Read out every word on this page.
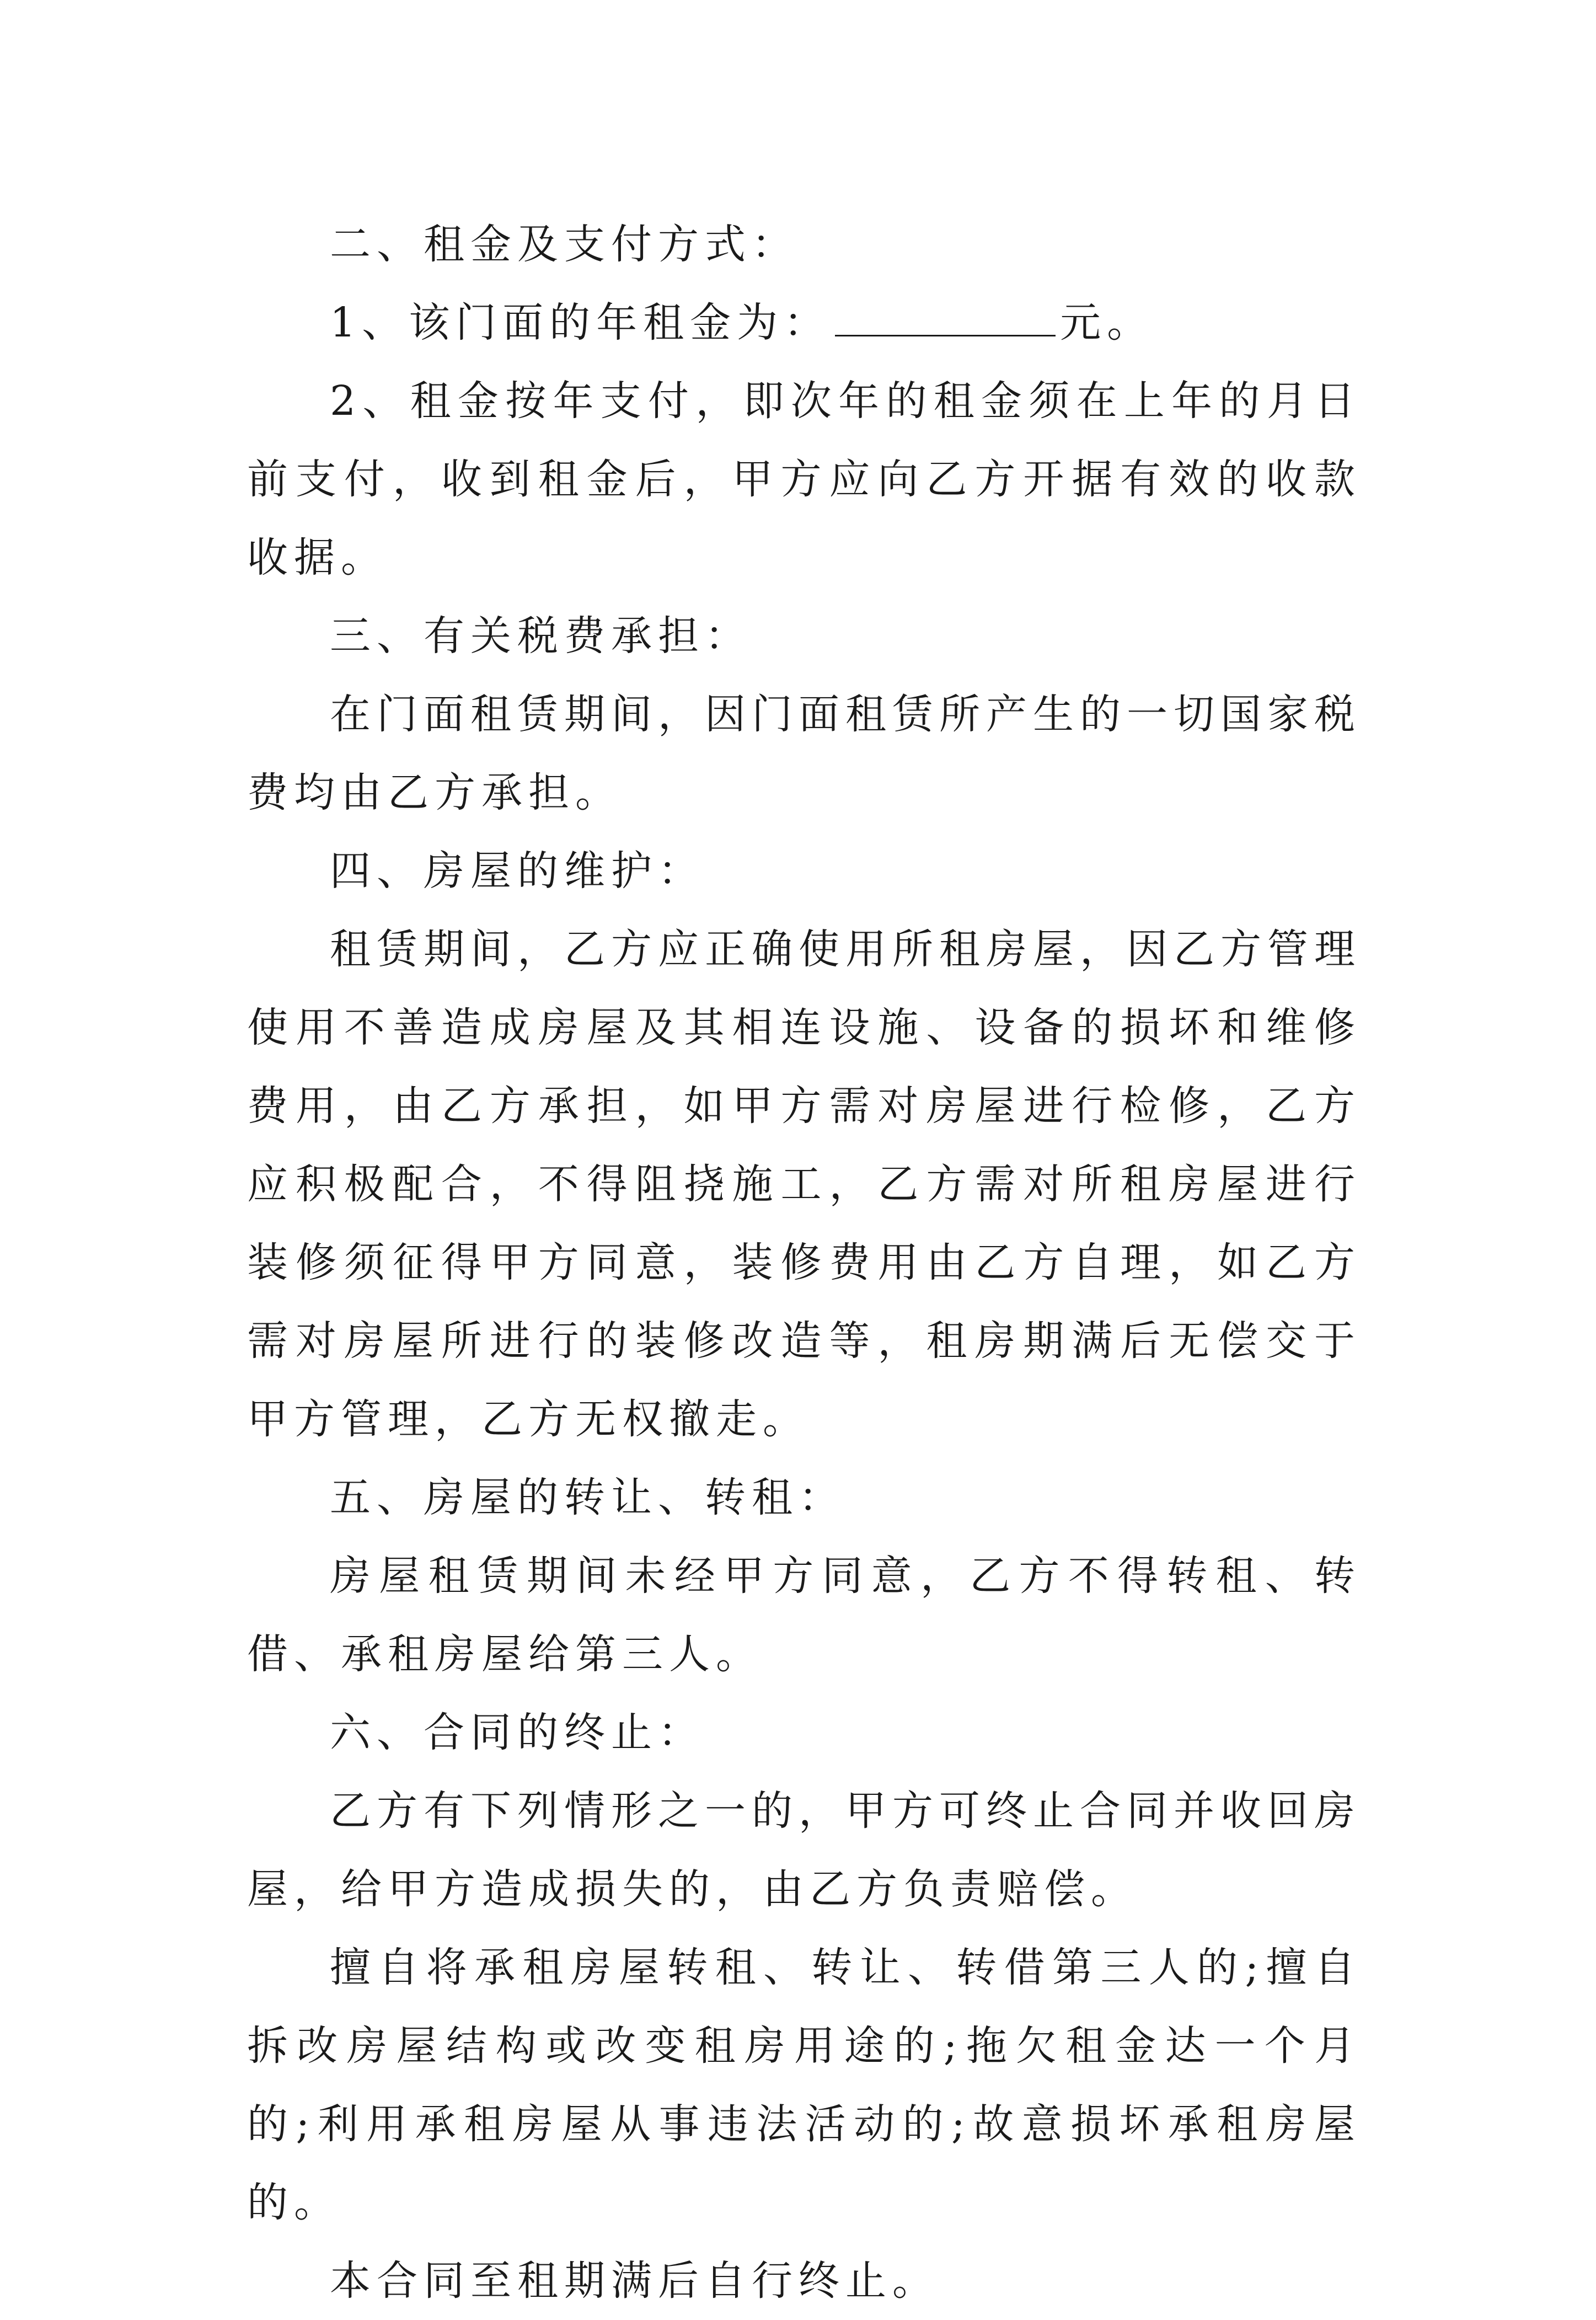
二、租金及支付方式：

1、该门面的年租金为：	元。

2、租金按年支付，即次年的租金须在上年的月日前支付，收到租金后，甲方应向乙方开据有效的收款收据。

三、有关税费承担：

在门面租赁期间，因门面租赁所产生的一切国家税费均由乙方承担。

四、房屋的维护：

租赁期间，乙方应正确使用所租房屋，因乙方管理使用不善造成房屋及其相连设施、设备的损坏和维修费用，由乙方承担，如甲方需对房屋进行检修，乙方应积极配合，不得阻挠施工，乙方需对所租房屋进行装修须征得甲方同意，装修费用由乙方自理，如乙方需对房屋所进行的装修改造等，租房期满后无偿交于甲方管理，乙方无权撤走。

五、房屋的转让、转租：

房屋租赁期间未经甲方同意，乙方不得转租、转借、承租房屋给第三人。

六、合同的终止：

乙方有下列情形之一的，甲方可终止合同并收回房屋，给甲方造成损失的，由乙方负责赔偿。

擅自将承租房屋转租、转让、转借第三人的;擅自拆改房屋结构或改变租房用途的;拖欠租金达一个月的;利用承租房屋从事违法活动的;故意损坏承租房屋的。

本合同至租期满后自行终止。
